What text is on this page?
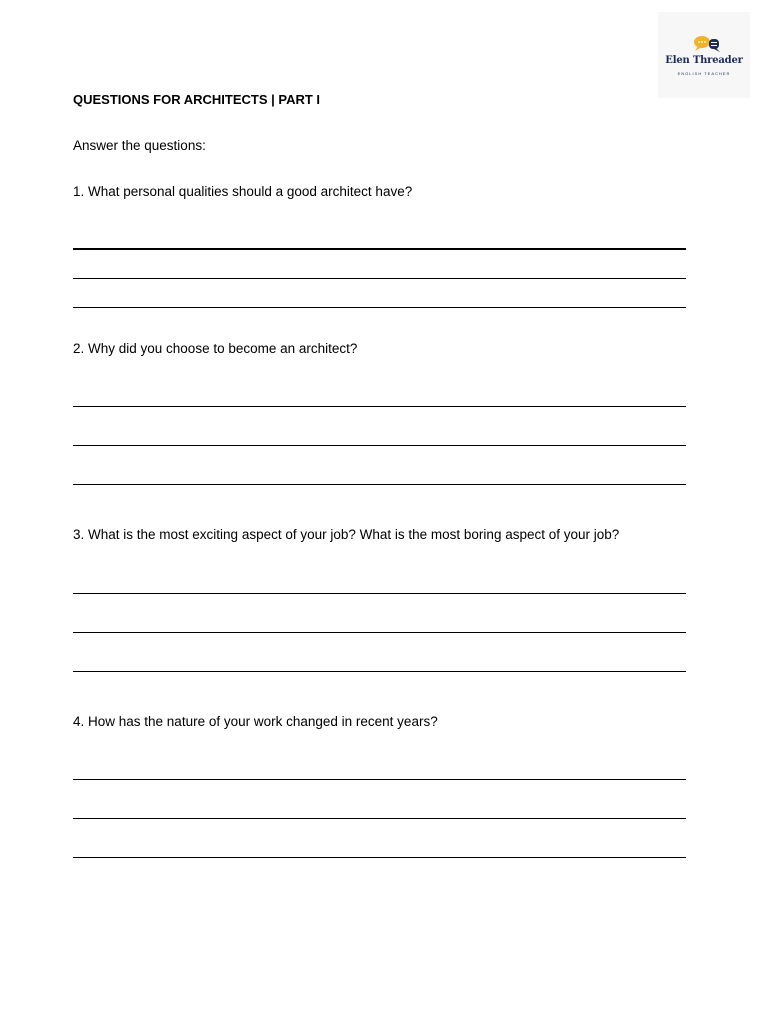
Elen Threader
ENGLISH TEACHER
QUESTIONS FOR ARCHITECTS | PART I
Answer the questions:
1. What personal qualities should a good architect have?
2. Why did you choose to become an architect?
3. What is the most exciting aspect of your job? What is the most boring aspect of your job?
4. How has the nature of your work changed in recent years?
